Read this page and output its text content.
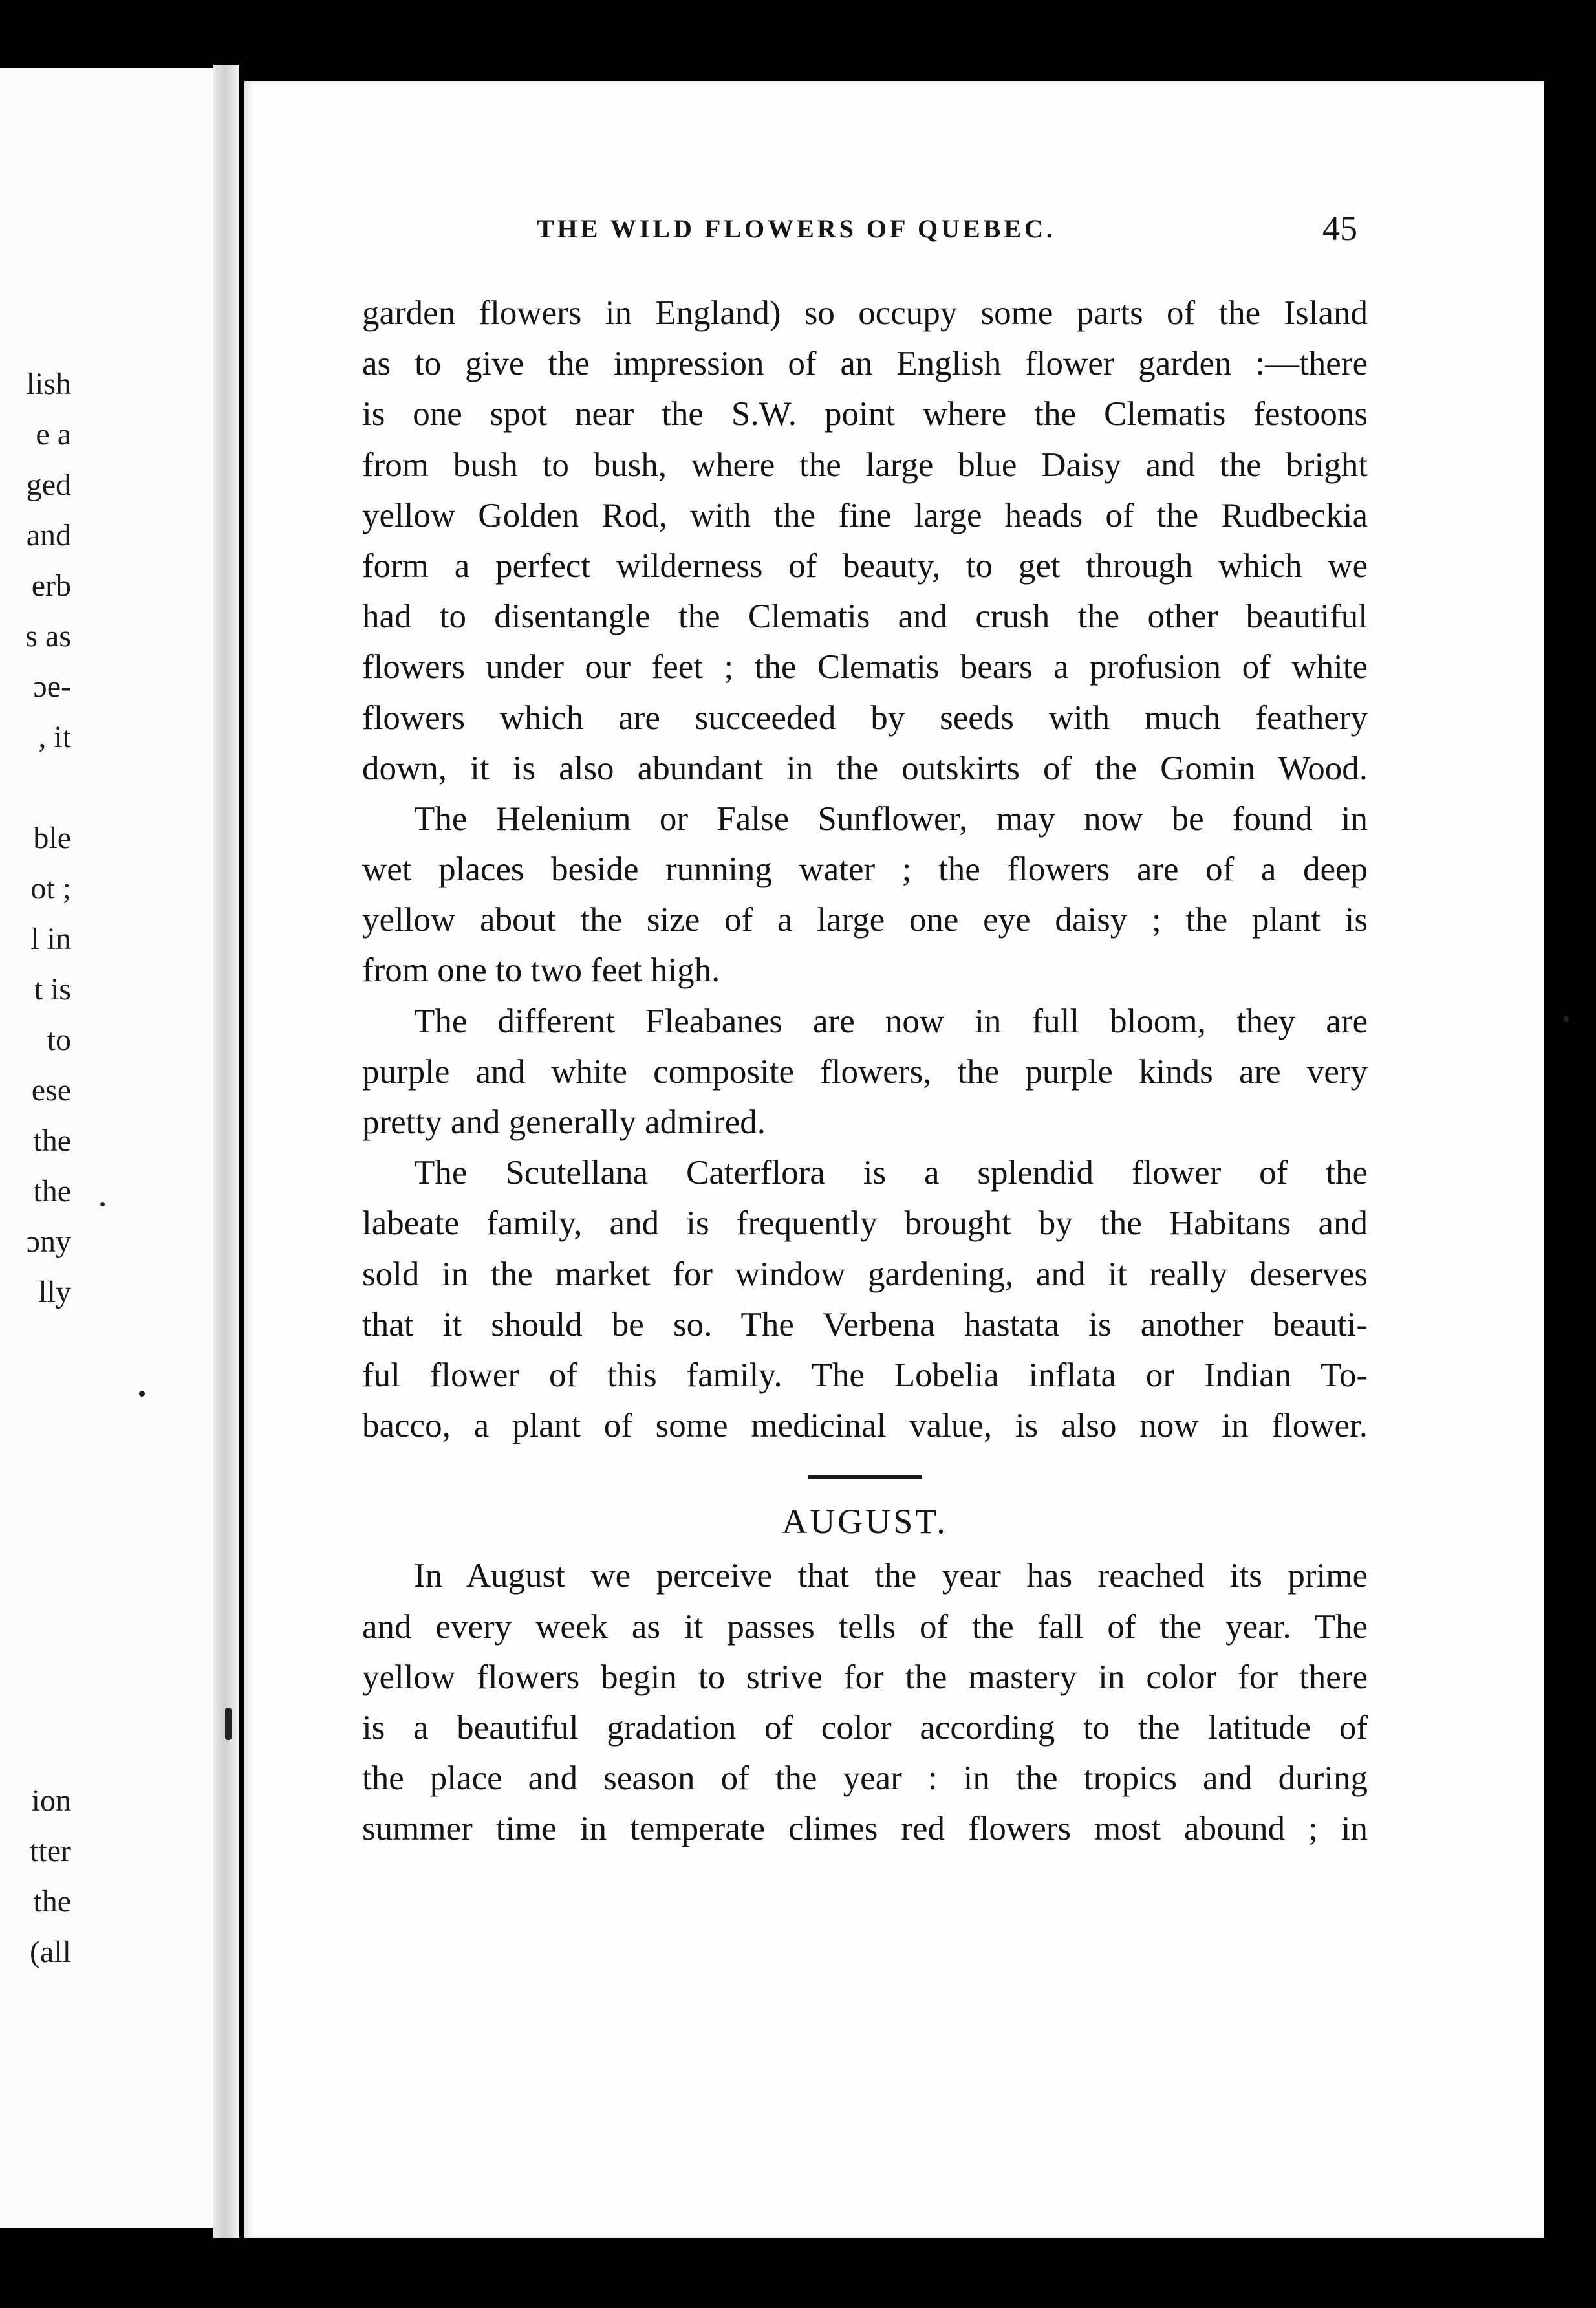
lish
e a
ged
and
erb
s as
ɔe-
, it
ble
ot ;
l in
t is
to
ese
the
the
ɔny
lly
ion
tter
the
(all
THE WILD FLOWERS OF QUEBEC.	45
garden flowers in England) so occupy some parts of the Island
as to give the impression of an English flower garden :—there
is one spot near the S.W. point where the Clematis festoons
from bush to bush, where the large blue Daisy and the bright
yellow Golden Rod, with the fine large heads of the Rudbeckia
form a perfect wilderness of beauty, to get through which we
had to disentangle the Clematis and crush the other beautiful
flowers under our feet ; the Clematis bears a profusion of white
flowers which are succeeded by seeds with much feathery
down, it is also abundant in the outskirts of the Gomin Wood.
The Helenium or False Sunflower, may now be found in
wet places beside running water ; the flowers are of a deep
yellow about the size of a large one eye daisy ; the plant is
from one to two feet high.
The different Fleabanes are now in full bloom, they are
purple and white composite flowers, the purple kinds are very
pretty and generally admired.
The Scutellana Caterflora is a splendid flower of the
labeate family, and is frequently brought by the Habitans and
sold in the market for window gardening, and it really deserves
that it should be so. The Verbena hastata is another beauti-
ful flower of this family. The Lobelia inflata or Indian To-
bacco, a plant of some medicinal value, is also now in flower.
AUGUST.
In August we perceive that the year has reached its prime
and every week as it passes tells of the fall of the year. The
yellow flowers begin to strive for the mastery in color for there
is a beautiful gradation of color according to the latitude of
the place and season of the year : in the tropics and during
summer time in temperate climes red flowers most abound ; in
